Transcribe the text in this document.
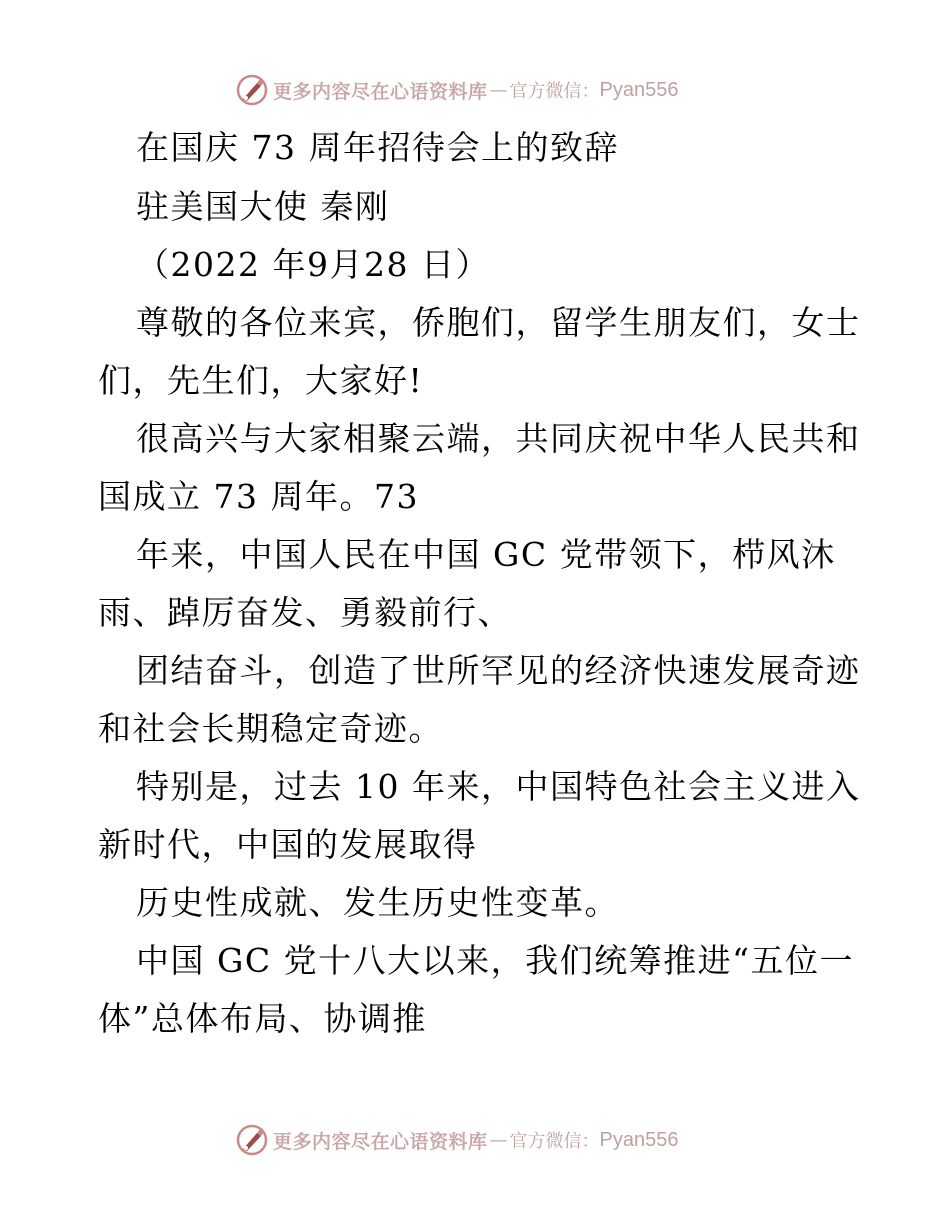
更多内容尽在心语资料库 — 官方微信： Pyan556
在国庆 73 周年招待会上的致辞
驻美国大使 秦刚
（2022 年9月28 日）
尊敬的各位来宾，侨胞们，留学生朋友们，女士
们，先生们，大家好!
很高兴与大家相聚云端，共同庆祝中华人民共和
国成立 73 周年。73
年来，中国人民在中国 GC 党带领下，栉风沐
雨、踔厉奋发、勇毅前行、
团结奋斗，创造了世所罕见的经济快速发展奇迹
和社会长期稳定奇迹。
特别是，过去 10 年来，中国特色社会主义进入
新时代，中国的发展取得
历史性成就、发生历史性变革。
中国 GC 党十八大以来，我们统筹推进“五位一
体”总体布局、协调推
更多内容尽在心语资料库 — 官方微信： Pyan556
